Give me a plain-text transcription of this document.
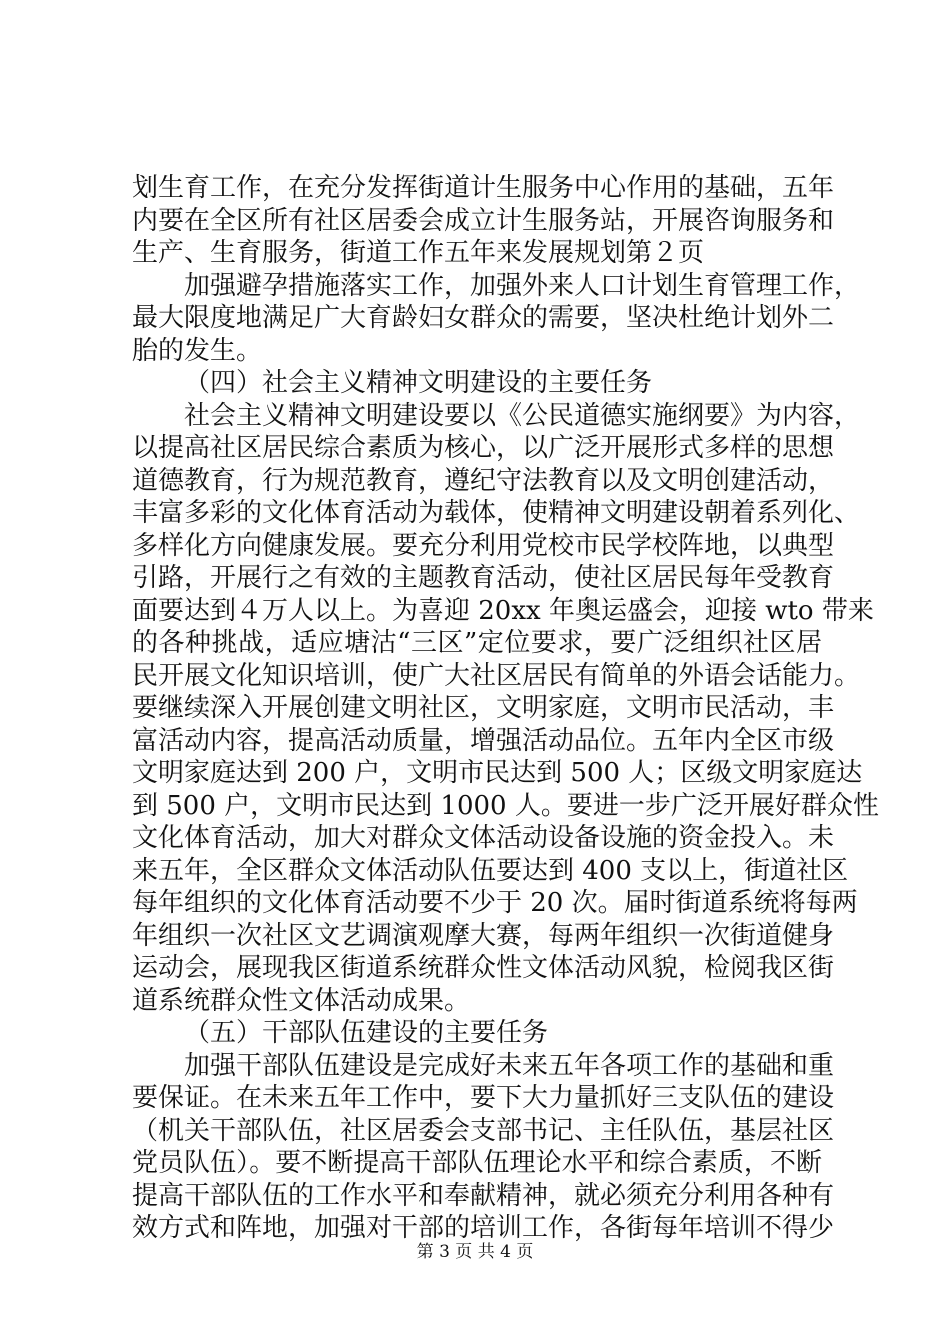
划生育工作，在充分发挥街道计生服务中心作用的基础，五年
内要在全区所有社区居委会成立计生服务站，开展咨询服务和
生产、生育服务，街道工作五年来发展规划第２页
加强避孕措施落实工作，加强外来人口计划生育管理工作，
最大限度地满足广大育龄妇女群众的需要，坚决杜绝计划外二
胎的发生。
（四）社会主义精神文明建设的主要任务
社会主义精神文明建设要以《公民道德实施纲要》为内容，
以提高社区居民综合素质为核心，以广泛开展形式多样的思想
道德教育，行为规范教育，遵纪守法教育以及文明创建活动，
丰富多彩的文化体育活动为载体，使精神文明建设朝着系列化、
多样化方向健康发展。要充分利用党校市民学校阵地，以典型
引路，开展行之有效的主题教育活动，使社区居民每年受教育
面要达到４万人以上。为喜迎 20xx 年奥运盛会，迎接 wto 带来
的各种挑战，适应塘沽“三区”定位要求，要广泛组织社区居
民开展文化知识培训，使广大社区居民有简单的外语会话能力。
要继续深入开展创建文明社区，文明家庭，文明市民活动，丰
富活动内容，提高活动质量，增强活动品位。五年内全区市级
文明家庭达到 200 户，文明市民达到 500 人；区级文明家庭达
到 500 户，文明市民达到 1000 人。要进一步广泛开展好群众性
文化体育活动，加大对群众文体活动设备设施的资金投入。未
来五年，全区群众文体活动队伍要达到 400 支以上，街道社区
每年组织的文化体育活动要不少于 20 次。届时街道系统将每两
年组织一次社区文艺调演观摩大赛，每两年组织一次街道健身
运动会，展现我区街道系统群众性文体活动风貌，检阅我区街
道系统群众性文体活动成果。
（五）干部队伍建设的主要任务
加强干部队伍建设是完成好未来五年各项工作的基础和重
要保证。在未来五年工作中，要下大力量抓好三支队伍的建设
（机关干部队伍，社区居委会支部书记、主任队伍，基层社区
党员队伍）。要不断提高干部队伍理论水平和综合素质，不断
提高干部队伍的工作水平和奉献精神，就必须充分利用各种有
效方式和阵地，加强对干部的培训工作，各街每年培训不得少
第 3 页 共 4 页
